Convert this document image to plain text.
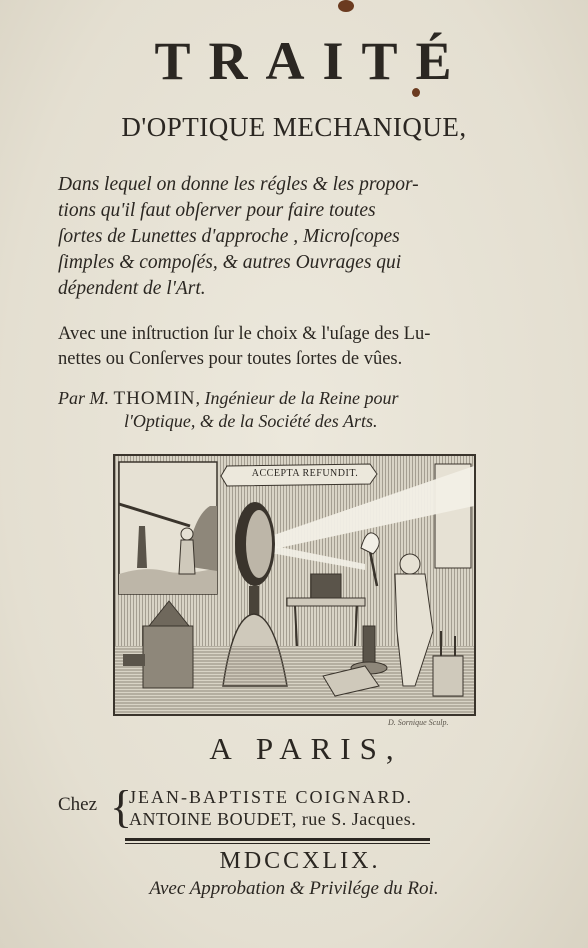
TRAITÉ
D'OPTIQUE MECHANIQUE,
Dans lequel on donne les régles & les propor-
tions qu'il faut obſerver pour faire toutes
ſortes de Lunettes d'approche , Microſcopes
ſimples & compoſés, & autres Ouvrages qui
dépendent de l'Art.
Avec une inſtruction ſur le choix & l'uſage des Lu-
nettes ou Conſerves pour toutes ſortes de vûes.
Par M. THOMIN, Ingénieur de la Reine pour
l'Optique, & de la Société des Arts.
ACCEPTA REFUNDIT.
D. Sornique Sculp.
A PARIS,
Chez {
JEAN-BAPTISTE COIGNARD.
ANTOINE BOUDET, rue S. Jacques.
MDCCXLIX.
Avec Approbation & Privilége du Roi.
